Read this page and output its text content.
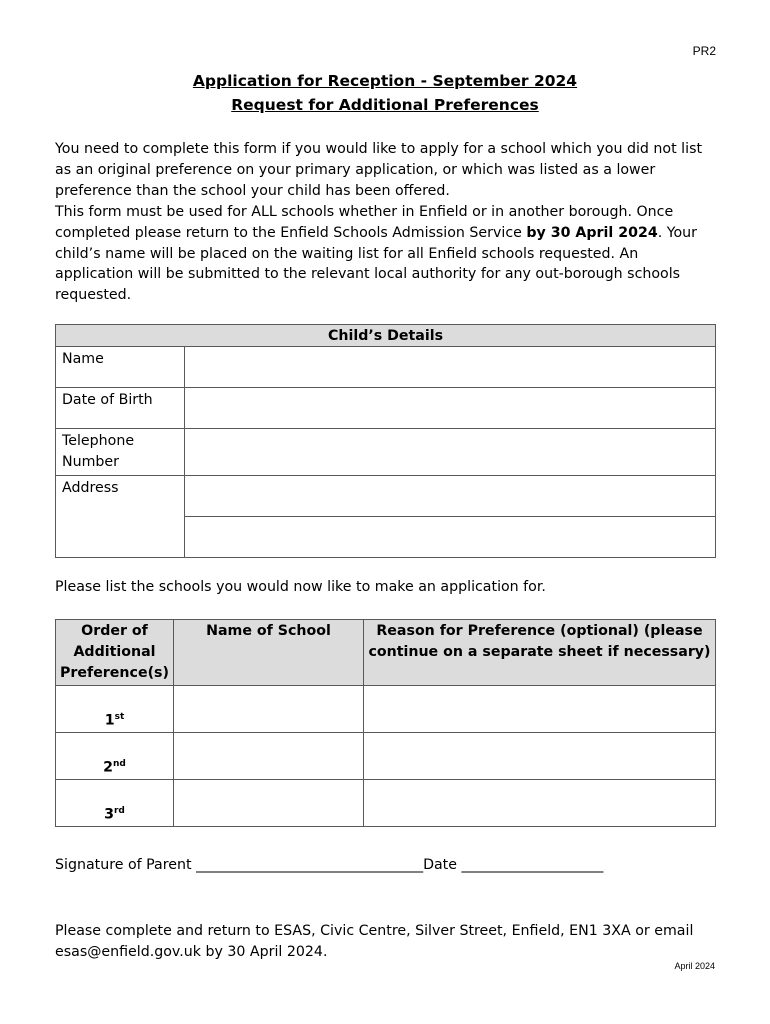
PR2
Application for Reception - September 2024
Request for Additional Preferences

You need to complete this form if you would like to apply for a school which you did not list as an original preference on your primary application, or which was listed as a lower preference than the school your child has been offered.

This form must be used for ALL schools whether in Enfield or in another borough. Once completed please return to the Enfield Schools Admission Service by 30 April 2024. Your child’s name will be placed on the waiting list for all Enfield schools requested. An application will be submitted to the relevant local authority for any out-borough schools requested.

Child’s Details	
Name	
Date of Birth	
Telephone Number	
Address	

Please list the schools you would now like to make an application for.
Order of Additional Preference(s)	Name of School	Reason for Preference (optional) (please continue on a separate sheet if necessary)
1st		
2nd		
3rd		
Signature of Parent ________________________________Date ____________________
Please complete and return to ESAS, Civic Centre, Silver Street, Enfield, EN1 3XA or email esas@enfield.gov.uk by 30 April 2024.
April 2024
